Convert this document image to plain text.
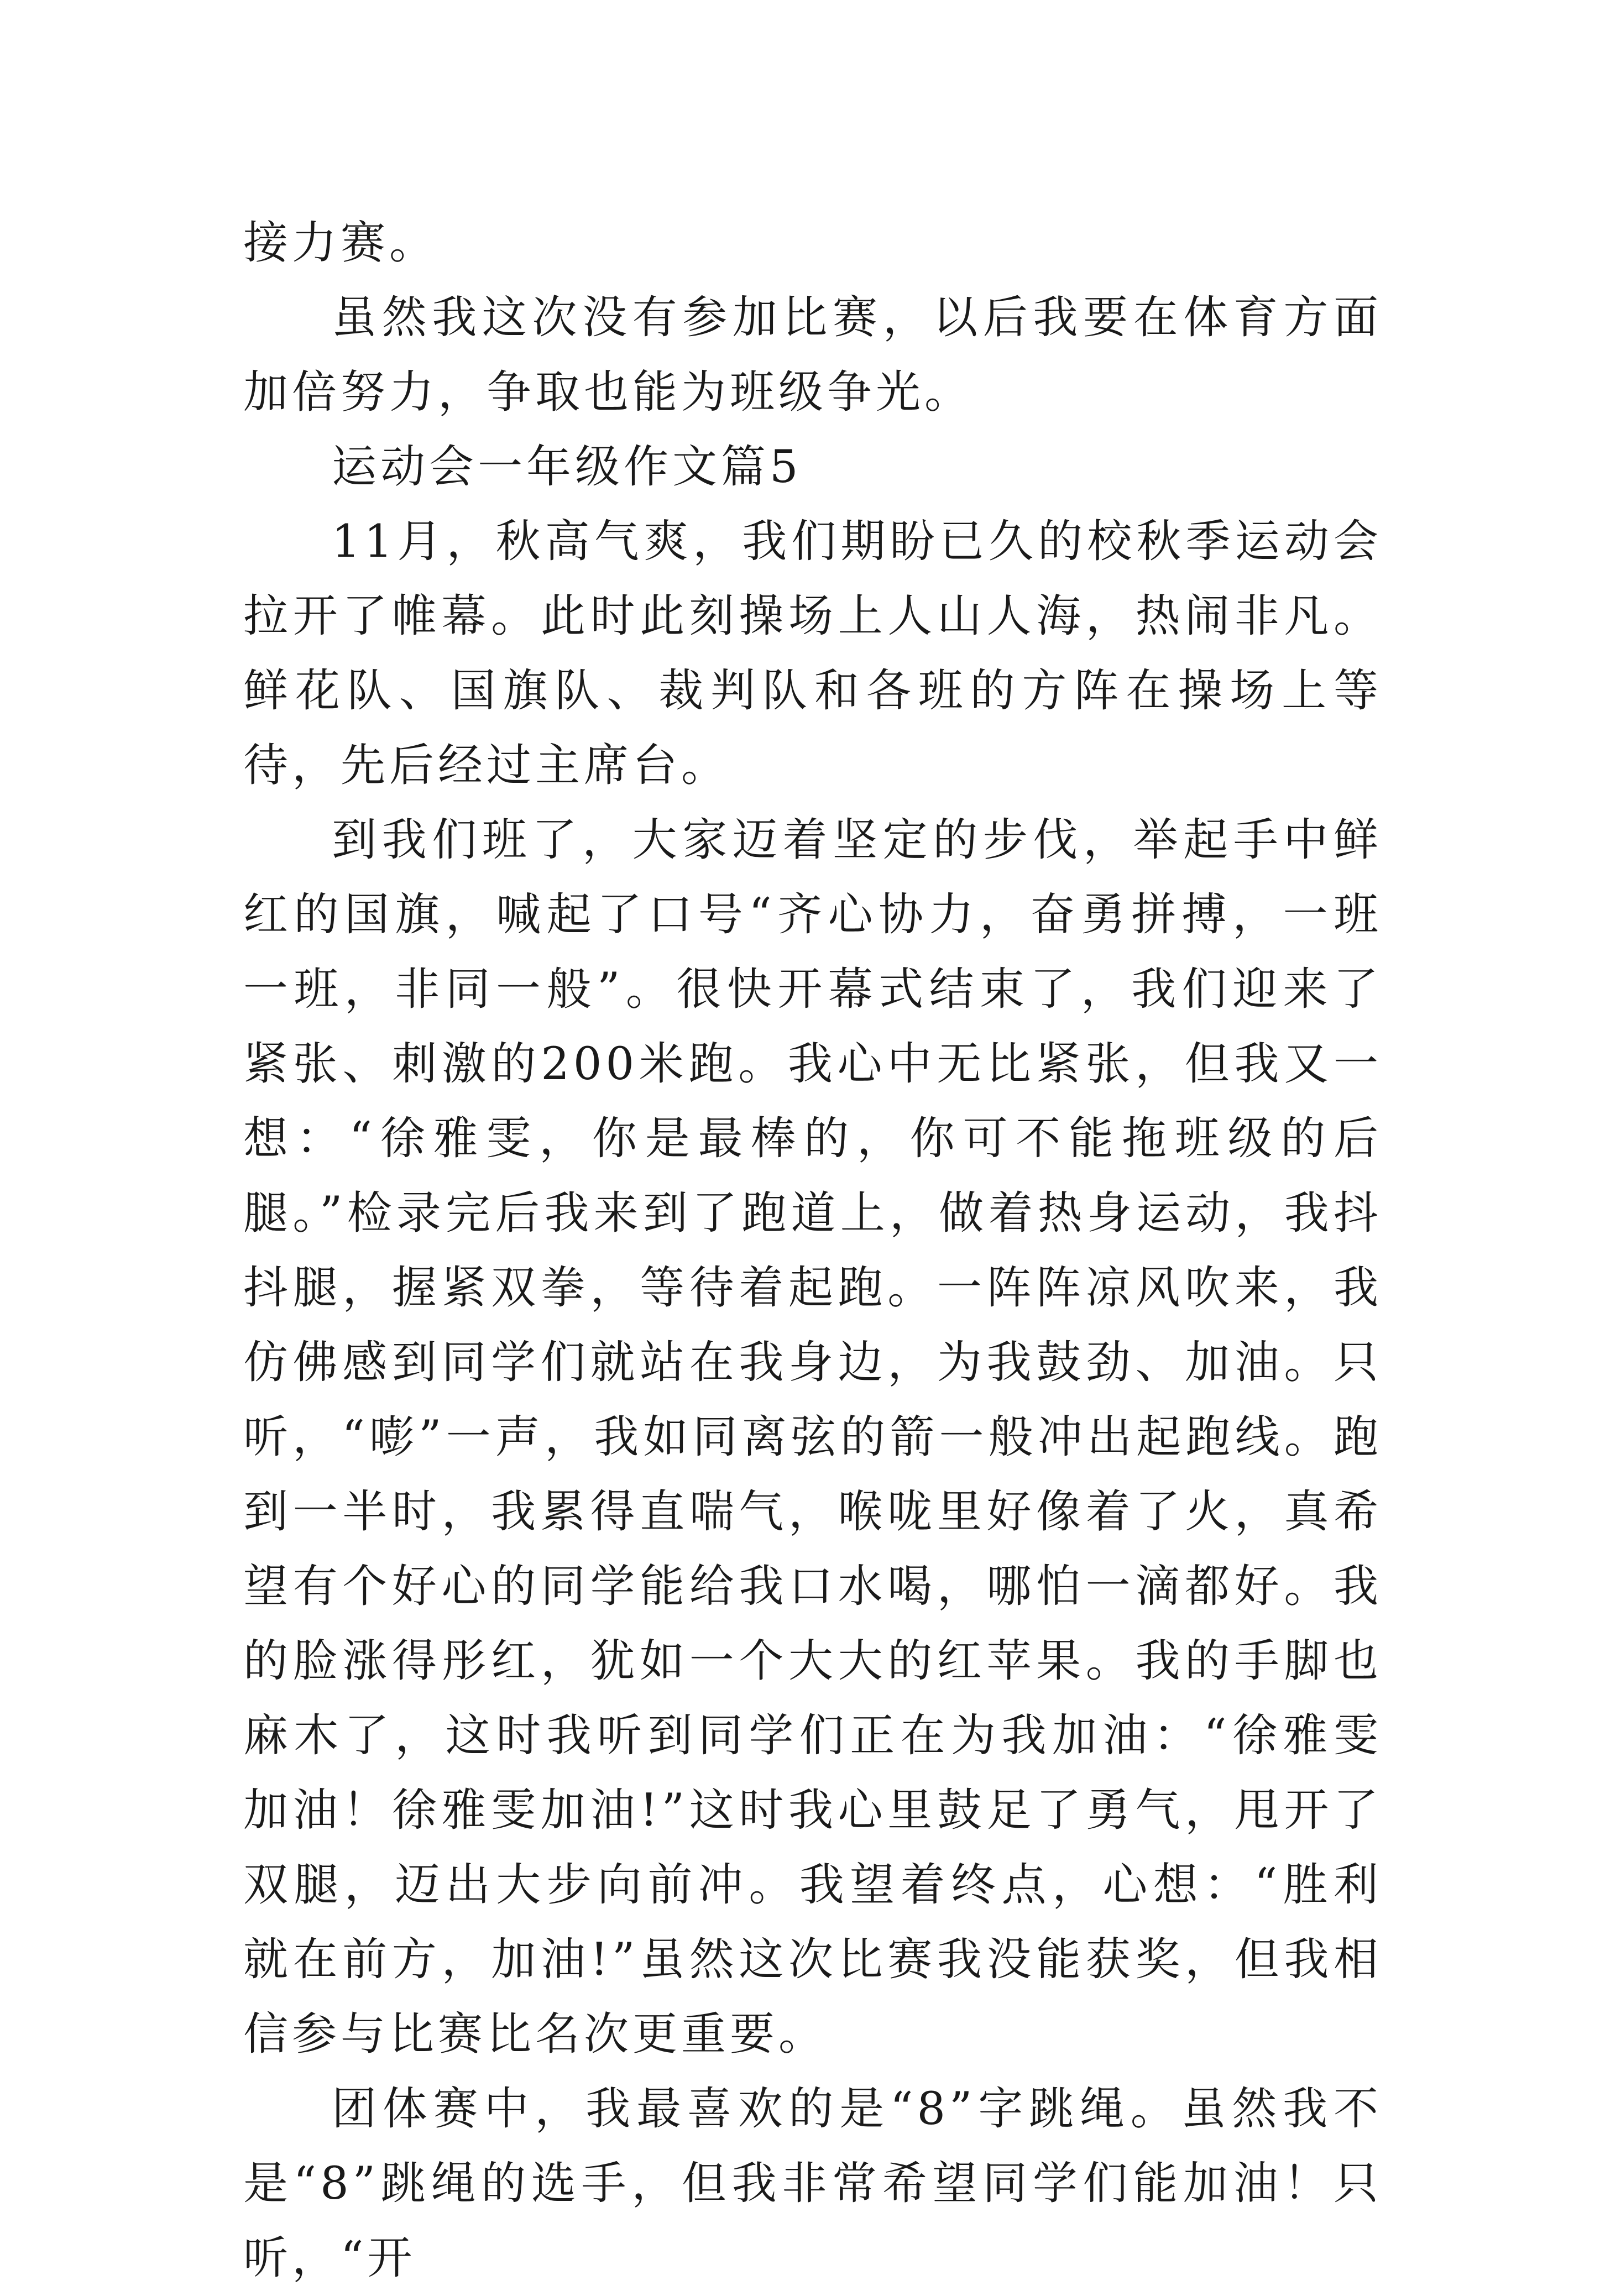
接力赛。

虽然我这次没有参加比赛，以后我要在体育方面加倍努力，争取也能为班级争光。

运动会一年级作文篇5

11月，秋高气爽，我们期盼已久的校秋季运动会拉开了帷幕。此时此刻操场上人山人海，热闹非凡。鲜花队、国旗队、裁判队和各班的方阵在操场上等待，先后经过主席台。

到我们班了，大家迈着坚定的步伐，举起手中鲜红的国旗，喊起了口号“齐心协力，奋勇拼搏，一班一班，非同一般”。很快开幕式结束了，我们迎来了紧张、刺激的200米跑。我心中无比紧张，但我又一想：“徐雅雯，你是最棒的，你可不能拖班级的后腿。”检录完后我来到了跑道上，做着热身运动，我抖抖腿，握紧双拳，等待着起跑。一阵阵凉风吹来，我仿佛感到同学们就站在我身边，为我鼓劲、加油。只听，“嘭”一声，我如同离弦的箭一般冲出起跑线。跑到一半时，我累得直喘气，喉咙里好像着了火，真希望有个好心的同学能给我口水喝，哪怕一滴都好。我的脸涨得彤红，犹如一个大大的红苹果。我的手脚也麻木了，这时我听到同学们正在为我加油：“徐雅雯加油！徐雅雯加油!”这时我心里鼓足了勇气，甩开了双腿，迈出大步向前冲。我望着终点，心想：“胜利就在前方，加油!”虽然这次比赛我没能获奖，但我相信参与比赛比名次更重要。

团体赛中，我最喜欢的是“8”字跳绳。虽然我不是“8”跳绳的选手，但我非常希望同学们能加油！只听，“开
